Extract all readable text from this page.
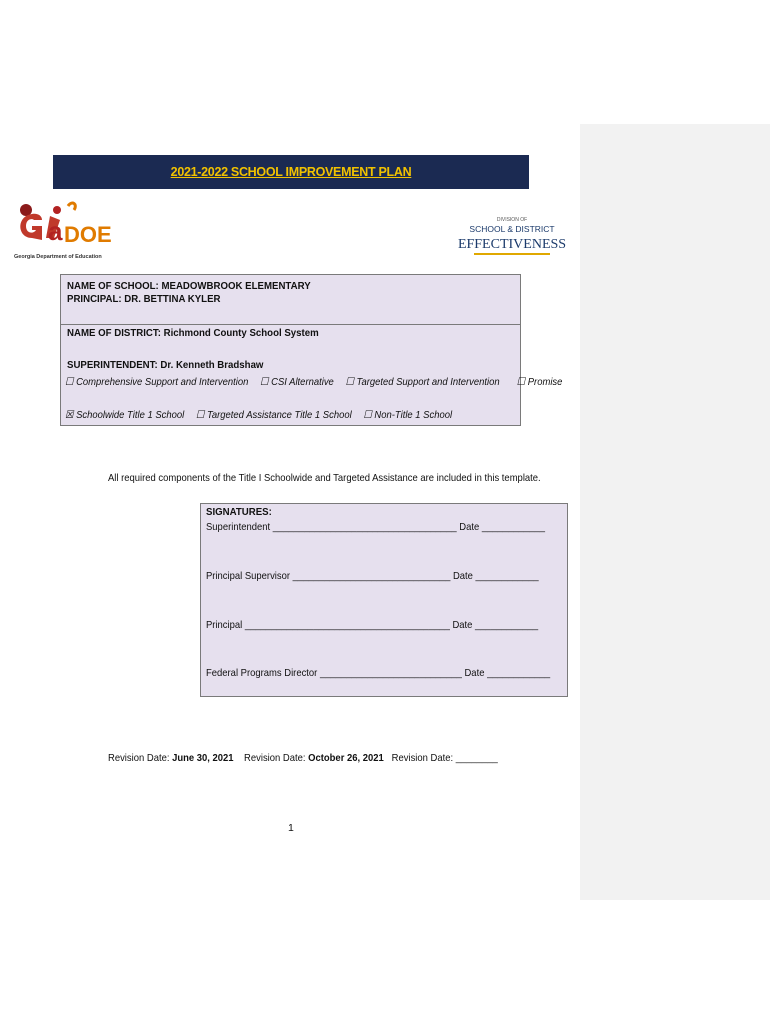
2021-2022 SCHOOL IMPROVEMENT PLAN
a DOE
Georgia Department of Education
DIVISION OF
SCHOOL & DISTRICT
EFFECTIVENESS
NAME OF SCHOOL: MEADOWBROOK ELEMENTARY
PRINCIPAL: DR. BETTINA KYLER
NAME OF DISTRICT: Richmond County School System
SUPERINTENDENT: Dr. Kenneth Bradshaw
☐ Comprehensive Support and Intervention ☐ CSI Alternative ☐ Targeted Support and Intervention ☐ Promise
☒ Schoolwide Title 1 School ☐ Targeted Assistance Title 1 School ☐ Non-Title 1 School
All required components of the Title I Schoolwide and Targeted Assistance are included in this template.
SIGNATURES:
Superintendent ___________________________________ Date ____________
Principal Supervisor ______________________________ Date ____________
Principal _______________________________________ Date ____________
Federal Programs Director ___________________________ Date ____________
Revision Date: June 30, 2021 Revision Date: October 26, 2021 Revision Date: ________
1
